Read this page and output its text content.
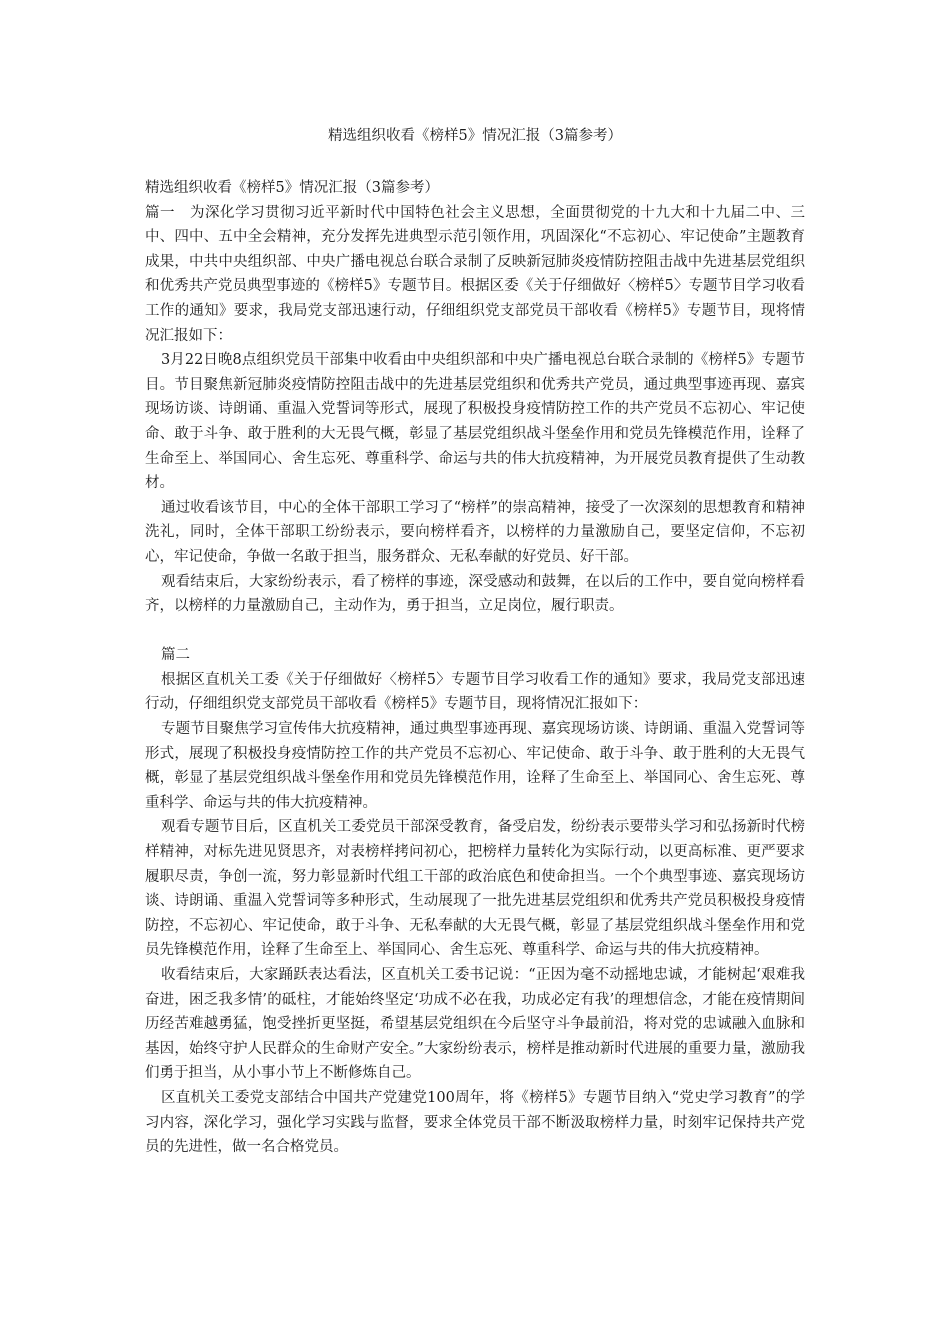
精选组织收看《榜样5》情况汇报（3篇参考）

精选组织收看《榜样5》情况汇报（3篇参考）

篇一　为深化学习贯彻习近平新时代中国特色社会主义思想，全面贯彻党的十九大和十九届二中、三中、四中、五中全会精神，充分发挥先进典型示范引领作用，巩固深化“不忘初心、牢记使命”主题教育成果，中共中央组织部、中央广播电视总台联合录制了反映新冠肺炎疫情防控阻击战中先进基层党组织和优秀共产党员典型事迹的《榜样5》专题节目。根据区委《关于仔细做好〈榜样5〉专题节目学习收看工作的通知》要求，我局党支部迅速行动，仔细组织党支部党员干部收看《榜样5》专题节目，现将情况汇报如下：

3月22日晚8点组织党员干部集中收看由中央组织部和中央广播电视总台联合录制的《榜样5》专题节目。节目聚焦新冠肺炎疫情防控阻击战中的先进基层党组织和优秀共产党员，通过典型事迹再现、嘉宾现场访谈、诗朗诵、重温入党誓词等形式，展现了积极投身疫情防控工作的共产党员不忘初心、牢记使命、敢于斗争、敢于胜利的大无畏气概，彰显了基层党组织战斗堡垒作用和党员先锋模范作用，诠释了生命至上、举国同心、舍生忘死、尊重科学、命运与共的伟大抗疫精神，为开展党员教育提供了生动教材。

通过收看该节目，中心的全体干部职工学习了“榜样”的崇高精神，接受了一次深刻的思想教育和精神洗礼，同时，全体干部职工纷纷表示，要向榜样看齐，以榜样的力量激励自己，要坚定信仰，不忘初心，牢记使命，争做一名敢于担当，服务群众、无私奉献的好党员、好干部。

观看结束后，大家纷纷表示，看了榜样的事迹，深受感动和鼓舞，在以后的工作中，要自觉向榜样看齐，以榜样的力量激励自己，主动作为，勇于担当，立足岗位，履行职责。

篇二

根据区直机关工委《关于仔细做好〈榜样5〉专题节目学习收看工作的通知》要求，我局党支部迅速行动，仔细组织党支部党员干部收看《榜样5》专题节目，现将情况汇报如下：

专题节目聚焦学习宣传伟大抗疫精神，通过典型事迹再现、嘉宾现场访谈、诗朗诵、重温入党誓词等形式，展现了积极投身疫情防控工作的共产党员不忘初心、牢记使命、敢于斗争、敢于胜利的大无畏气概，彰显了基层党组织战斗堡垒作用和党员先锋模范作用，诠释了生命至上、举国同心、舍生忘死、尊重科学、命运与共的伟大抗疫精神。

观看专题节目后，区直机关工委党员干部深受教育，备受启发，纷纷表示要带头学习和弘扬新时代榜样精神，对标先进见贤思齐，对表榜样拷问初心，把榜样力量转化为实际行动，以更高标准、更严要求履职尽责，争创一流，努力彰显新时代组工干部的政治底色和使命担当。一个个典型事迹、嘉宾现场访谈、诗朗诵、重温入党誓词等多种形式，生动展现了一批先进基层党组织和优秀共产党员积极投身疫情防控，不忘初心、牢记使命，敢于斗争、无私奉献的大无畏气概，彰显了基层党组织战斗堡垒作用和党员先锋模范作用，诠释了生命至上、举国同心、舍生忘死、尊重科学、命运与共的伟大抗疫精神。

收看结束后，大家踊跃表达看法，区直机关工委书记说：“正因为毫不动摇地忠诚，才能树起‘艰难我奋进，困乏我多情’的砥柱，才能始终坚定‘功成不必在我，功成必定有我’的理想信念，才能在疫情期间历经苦难越勇猛，饱受挫折更坚挺，希望基层党组织在今后坚守斗争最前沿，将对党的忠诚融入血脉和基因，始终守护人民群众的生命财产安全。”大家纷纷表示，榜样是推动新时代进展的重要力量，激励我们勇于担当，从小事小节上不断修炼自己。

区直机关工委党支部结合中国共产党建党100周年，将《榜样5》专题节目纳入“党史学习教育”的学习内容，深化学习，强化学习实践与监督，要求全体党员干部不断汲取榜样力量，时刻牢记保持共产党员的先进性，做一名合格党员。
